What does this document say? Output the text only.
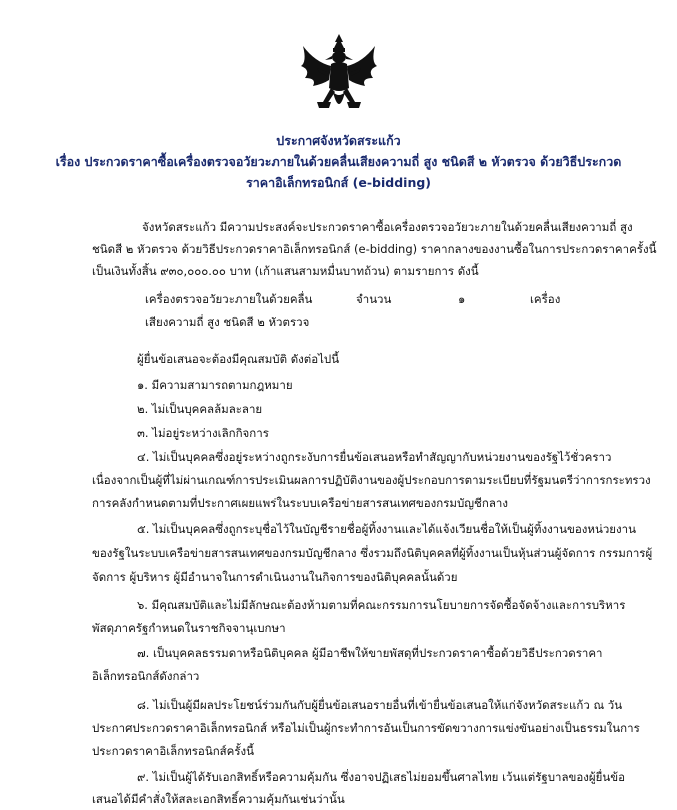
ประกาศจังหวัดสระแก้ว
เรื่อง ประกวดราคาซื้อเครื่องตรวจอวัยวะภายในด้วยคลื่นเสียงความถี่ สูง ชนิดสี ๒ หัวตรวจ ด้วยวิธีประกวด
ราคาอิเล็กทรอนิกส์ (e-bidding)
จังหวัดสระแก้ว มีความประสงค์จะประกวดราคาซื้อเครื่องตรวจอวัยวะภายในด้วยคลื่นเสียงความถี่ สูง
ชนิดสี ๒ หัวตรวจ ด้วยวิธีประกวดราคาอิเล็กทรอนิกส์ (e-bidding) ราคากลางของงานซื้อในการประกวดราคาครั้งนี้
เป็นเงินทั้งสิ้น ๙๓๐,๐๐๐.๐๐ บาท (เก้าแสนสามหมื่นบาทถ้วน) ตามรายการ ดังนี้
เครื่องตรวจอวัยวะภายในด้วยคลื่น	จำนวน	๑	เครื่อง
เสียงความถี่ สูง ชนิดสี ๒ หัวตรวจ
ผู้ยื่นข้อเสนอจะต้องมีคุณสมบัติ ดังต่อไปนี้
๑. มีความสามารถตามกฎหมาย
๒. ไม่เป็นบุคคลล้มละลาย
๓. ไม่อยู่ระหว่างเลิกกิจการ
๔. ไม่เป็นบุคคลซึ่งอยู่ระหว่างถูกระงับการยื่นข้อเสนอหรือทำสัญญากับหน่วยงานของรัฐไว้ชั่วคราว
เนื่องจากเป็นผู้ที่ไม่ผ่านเกณฑ์การประเมินผลการปฏิบัติงานของผู้ประกอบการตามระเบียบที่รัฐมนตรีว่าการกระทรวง
การคลังกำหนดตามที่ประกาศเผยแพร่ในระบบเครือข่ายสารสนเทศของกรมบัญชีกลาง
๕. ไม่เป็นบุคคลซึ่งถูกระบุชื่อไว้ในบัญชีรายชื่อผู้ทิ้งงานและได้แจ้งเวียนชื่อให้เป็นผู้ทิ้งงานของหน่วยงาน
ของรัฐในระบบเครือข่ายสารสนเทศของกรมบัญชีกลาง ซึ่งรวมถึงนิติบุคคลที่ผู้ทิ้งงานเป็นหุ้นส่วนผู้จัดการ กรรมการผู้
จัดการ ผู้บริหาร ผู้มีอำนาจในการดำเนินงานในกิจการของนิติบุคคลนั้นด้วย
๖. มีคุณสมบัติและไม่มีลักษณะต้องห้ามตามที่คณะกรรมการนโยบายการจัดซื้อจัดจ้างและการบริหาร
พัสดุภาครัฐกำหนดในราชกิจจานุเบกษา
๗. เป็นบุคคลธรรมดาหรือนิติบุคคล ผู้มีอาชีพให้ขายพัสดุที่ประกวดราคาซื้อด้วยวิธีประกวดราคา
อิเล็กทรอนิกส์ดังกล่าว
๘. ไม่เป็นผู้มีผลประโยชน์ร่วมกันกับผู้ยื่นข้อเสนอรายอื่นที่เข้ายื่นข้อเสนอให้แก่จังหวัดสระแก้ว ณ วัน
ประกาศประกวดราคาอิเล็กทรอนิกส์ หรือไม่เป็นผู้กระทำการอันเป็นการขัดขวางการแข่งขันอย่างเป็นธรรมในการ
ประกวดราคาอิเล็กทรอนิกส์ครั้งนี้
๙. ไม่เป็นผู้ได้รับเอกสิทธิ์หรือความคุ้มกัน ซึ่งอาจปฏิเสธไม่ยอมขึ้นศาลไทย เว้นแต่รัฐบาลของผู้ยื่นข้อ
เสนอได้มีคำสั่งให้สละเอกสิทธิ์ความคุ้มกันเช่นว่านั้น
